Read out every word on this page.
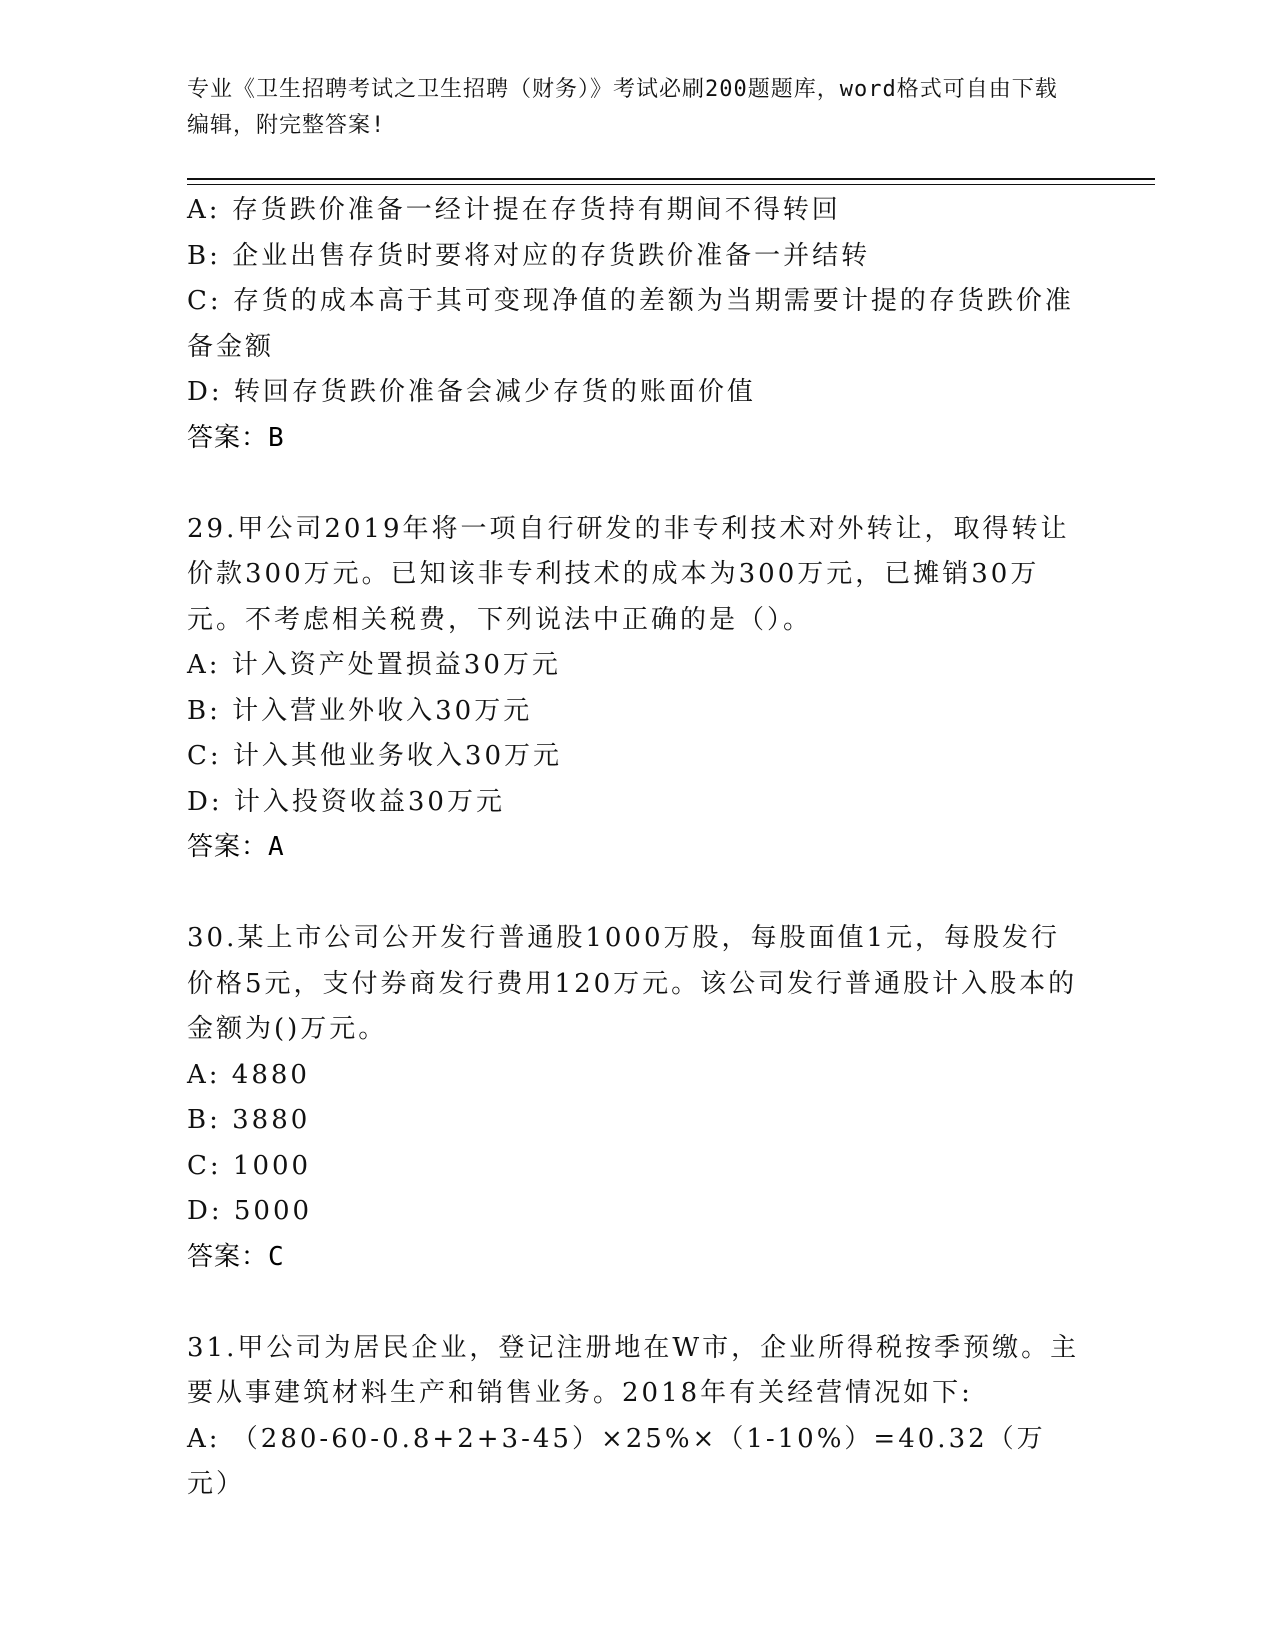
专业《卫生招聘考试之卫生招聘（财务）》考试必刷200题题库，word格式可自由下载编辑，附完整答案!
A: 存货跌价准备一经计提在存货持有期间不得转回
B: 企业出售存货时要将对应的存货跌价准备一并结转
C: 存货的成本高于其可变现净值的差额为当期需要计提的存货跌价准备金额
D: 转回存货跌价准备会减少存货的账面价值
答案：B
29.甲公司2019年将一项自行研发的非专利技术对外转让，取得转让价款300万元。已知该非专利技术的成本为300万元，已摊销30万元。不考虑相关税费，下列说法中正确的是（）。
A: 计入资产处置损益30万元
B: 计入营业外收入30万元
C: 计入其他业务收入30万元
D: 计入投资收益30万元
答案：A
30.某上市公司公开发行普通股1000万股，每股面值1元，每股发行价格5元，支付券商发行费用120万元。该公司发行普通股计入股本的金额为()万元。
A: 4880
B: 3880
C: 1000
D: 5000
答案：C
31.甲公司为居民企业，登记注册地在W市，企业所得税按季预缴。主要从事建筑材料生产和销售业务。2018年有关经营情况如下:
A: （280-60-0.8+2+3-45）×25%×（1-10%）=40.32（万元）
